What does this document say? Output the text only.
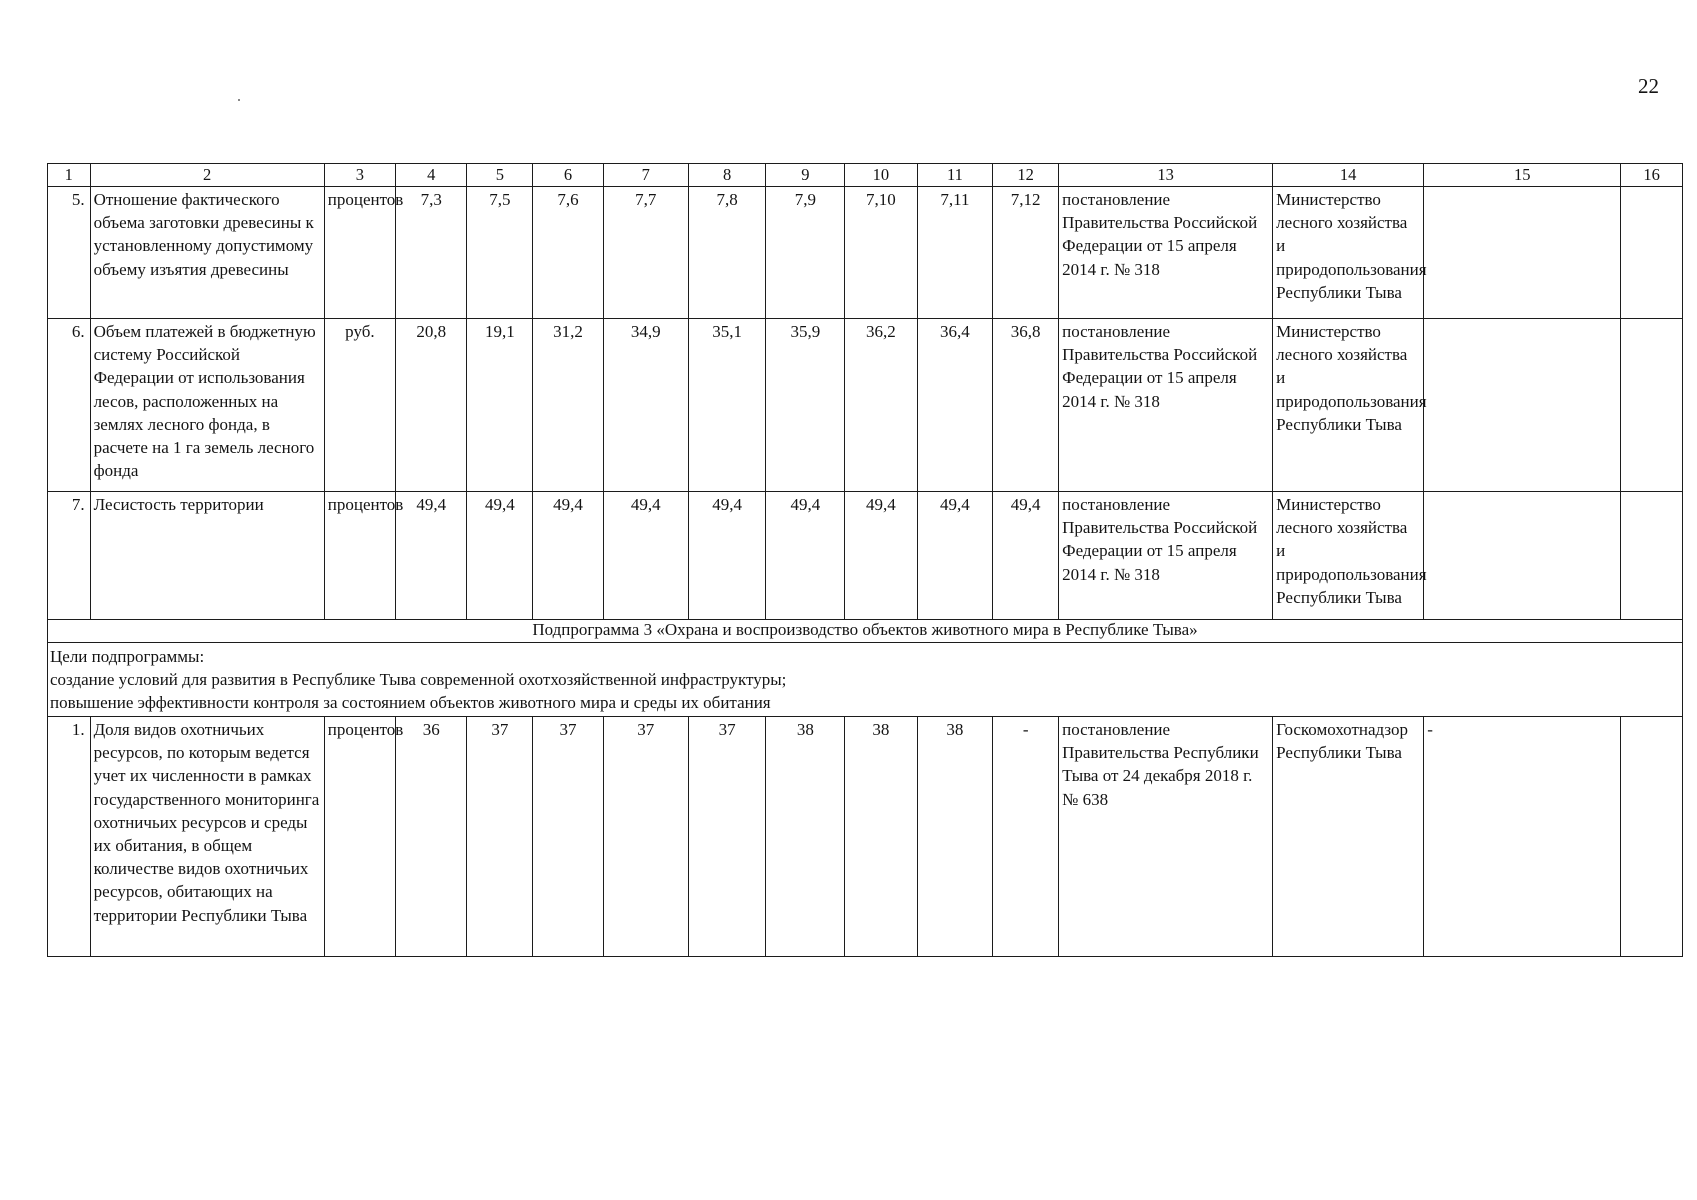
22
1	2	3	4	5	6	7	8	9	10	11	12	13	14	15	16
5.	Отношение фактического объема заготовки древесины к установленному допустимому объему изъятия древесины	процентов	7,3	7,5	7,6	7,7	7,8	7,9	7,10	7,11	7,12	постановление Правительства Российской Федерации от 15 апреля 2014 г. № 318	Министерство лесного хозяйства и природопользования Республики Тыва		
6.	Объем платежей в бюджетную систему Российской Федерации от использования лесов, расположенных на землях лесного фонда, в расчете на 1 га земель лесного фонда	руб.	20,8	19,1	31,2	34,9	35,1	35,9	36,2	36,4	36,8	постановление Правительства Российской Федерации от 15 апреля 2014 г. № 318	Министерство лесного хозяйства и природопользования Республики Тыва		
7.	Лесистость территории	процентов	49,4	49,4	49,4	49,4	49,4	49,4	49,4	49,4	49,4	постановление Правительства Российской Федерации от 15 апреля 2014 г. № 318	Министерство лесного хозяйства и природопользования Республики Тыва		
Подпрограмма 3 «Охрана и воспроизводство объектов животного мира в Республике Тыва»															

Цели подпрограммы:
создание условий для развития в Республике Тыва современной охотхозяйственной инфраструктуры;
повышение эффективности контроля за состоянием объектов животного мира и среды их обитания															

1.	Доля видов охотничьих ресурсов, по которым ведется учет их численности в рамках государственного мониторинга охотничьих ресурсов и среды их обитания, в общем количестве видов охотничьих ресурсов, обитающих на территории Республики Тыва	процентов	36	37	37	37	37	38	38	38	-	постановление Правительства Республики Тыва от 24 декабря 2018 г. № 638	Госкомохотнадзор Республики Тыва	-	
